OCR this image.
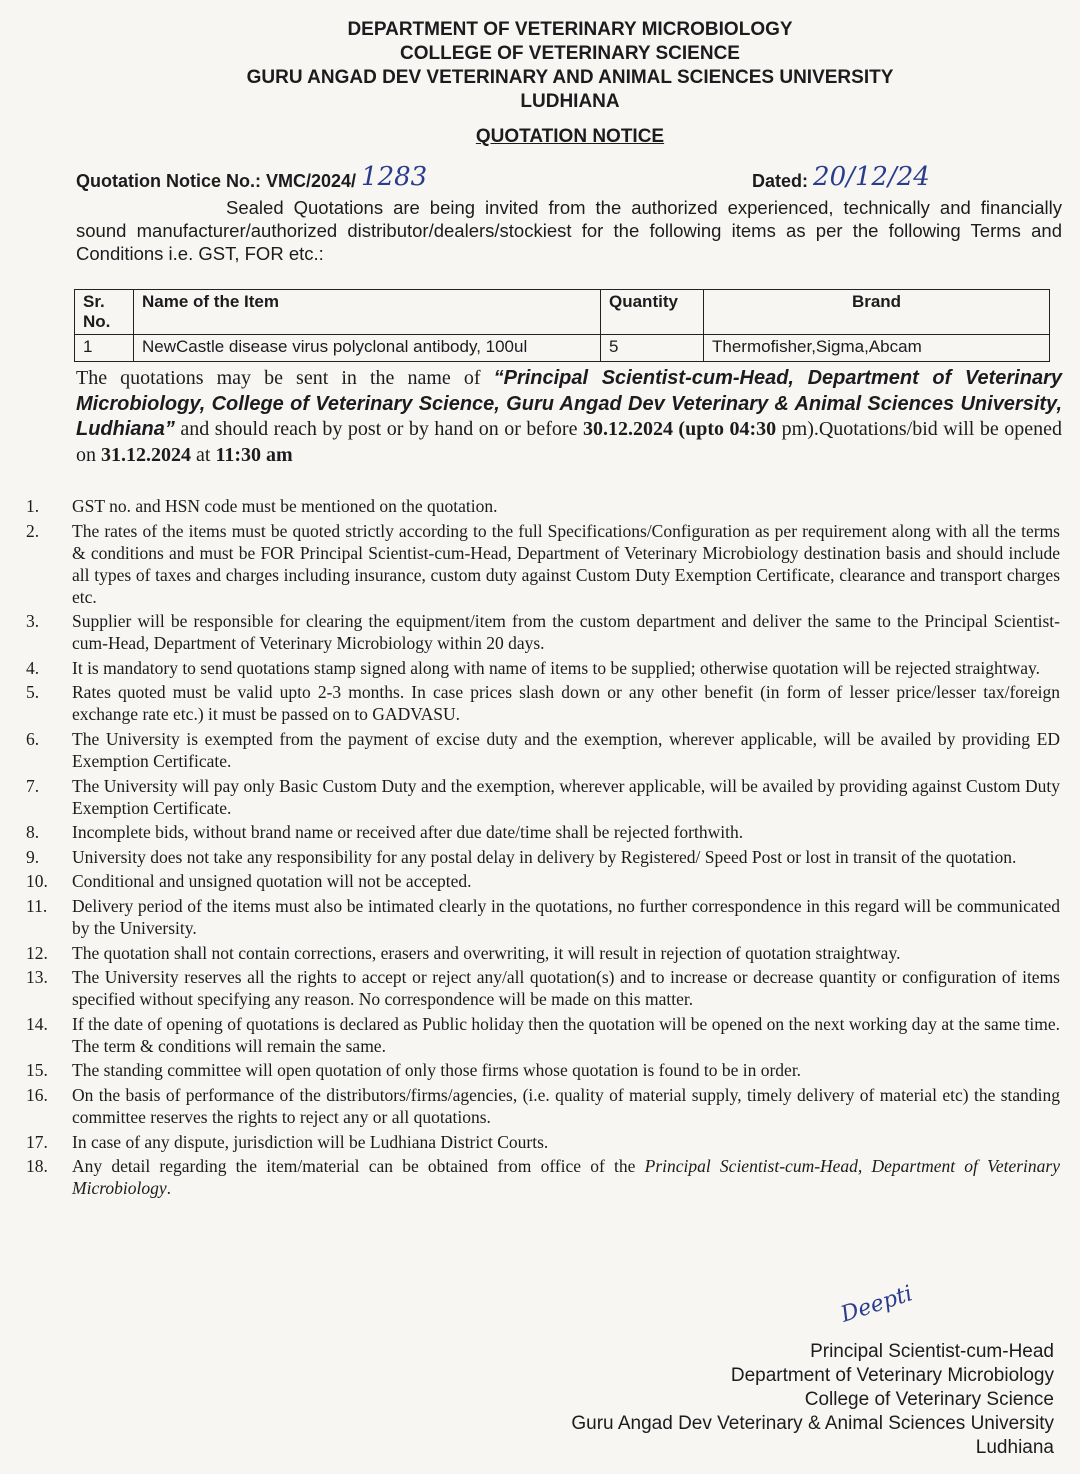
DEPARTMENT OF VETERINARY MICROBIOLOGY
COLLEGE OF VETERINARY SCIENCE
GURU ANGAD DEV VETERINARY AND ANIMAL SCIENCES UNIVERSITY
LUDHIANA
QUOTATION NOTICE
Quotation Notice No.: VMC/2024/ 1283	Dated: 20/12/24
Sealed Quotations are being invited from the authorized experienced, technically and financially sound manufacturer/authorized distributor/dealers/stockiest for the following items as per the following Terms and Conditions i.e. GST, FOR etc.:
Sr. No.	Name of the Item	Quantity	Brand
1	NewCastle disease virus polyclonal antibody, 100ul	5	Thermofisher,Sigma,Abcam
The quotations may be sent in the name of “Principal Scientist-cum-Head, Department of Veterinary Microbiology, College of Veterinary Science, Guru Angad Dev Veterinary & Animal Sciences University, Ludhiana” and should reach by post or by hand on or before 30.12.2024 (upto 04:30 pm).Quotations/bid will be opened on 31.12.2024 at 11:30 am
1. GST no. and HSN code must be mentioned on the quotation.
2. The rates of the items must be quoted strictly according to the full Specifications/Configuration as per requirement along with all the terms & conditions and must be FOR Principal Scientist-cum-Head, Department of Veterinary Microbiology destination basis and should include all types of taxes and charges including insurance, custom duty against Custom Duty Exemption Certificate, clearance and transport charges etc.
3. Supplier will be responsible for clearing the equipment/item from the custom department and deliver the same to the Principal Scientist-cum-Head, Department of Veterinary Microbiology within 20 days.
4. It is mandatory to send quotations stamp signed along with name of items to be supplied; otherwise quotation will be rejected straightway.
5. Rates quoted must be valid upto 2-3 months. In case prices slash down or any other benefit (in form of lesser price/lesser tax/foreign exchange rate etc.) it must be passed on to GADVASU.
6. The University is exempted from the payment of excise duty and the exemption, wherever applicable, will be availed by providing ED Exemption Certificate.
7. The University will pay only Basic Custom Duty and the exemption, wherever applicable, will be availed by providing against Custom Duty Exemption Certificate.
8. Incomplete bids, without brand name or received after due date/time shall be rejected forthwith.
9. University does not take any responsibility for any postal delay in delivery by Registered/ Speed Post or lost in transit of the quotation.
10. Conditional and unsigned quotation will not be accepted.
11. Delivery period of the items must also be intimated clearly in the quotations, no further correspondence in this regard will be communicated by the University.
12. The quotation shall not contain corrections, erasers and overwriting, it will result in rejection of quotation straightway.
13. The University reserves all the rights to accept or reject any/all quotation(s) and to increase or decrease quantity or configuration of items specified without specifying any reason. No correspondence will be made on this matter.
14. If the date of opening of quotations is declared as Public holiday then the quotation will be opened on the next working day at the same time. The term & conditions will remain the same.
15. The standing committee will open quotation of only those firms whose quotation is found to be in order.
16. On the basis of performance of the distributors/firms/agencies, (i.e. quality of material supply, timely delivery of material etc) the standing committee reserves the rights to reject any or all quotations.
17. In case of any dispute, jurisdiction will be Ludhiana District Courts.
18. Any detail regarding the item/material can be obtained from office of the Principal Scientist-cum-Head, Department of Veterinary Microbiology.
Deepti
Principal Scientist-cum-Head
Department of Veterinary Microbiology
College of Veterinary Science
Guru Angad Dev Veterinary & Animal Sciences University
Ludhiana
